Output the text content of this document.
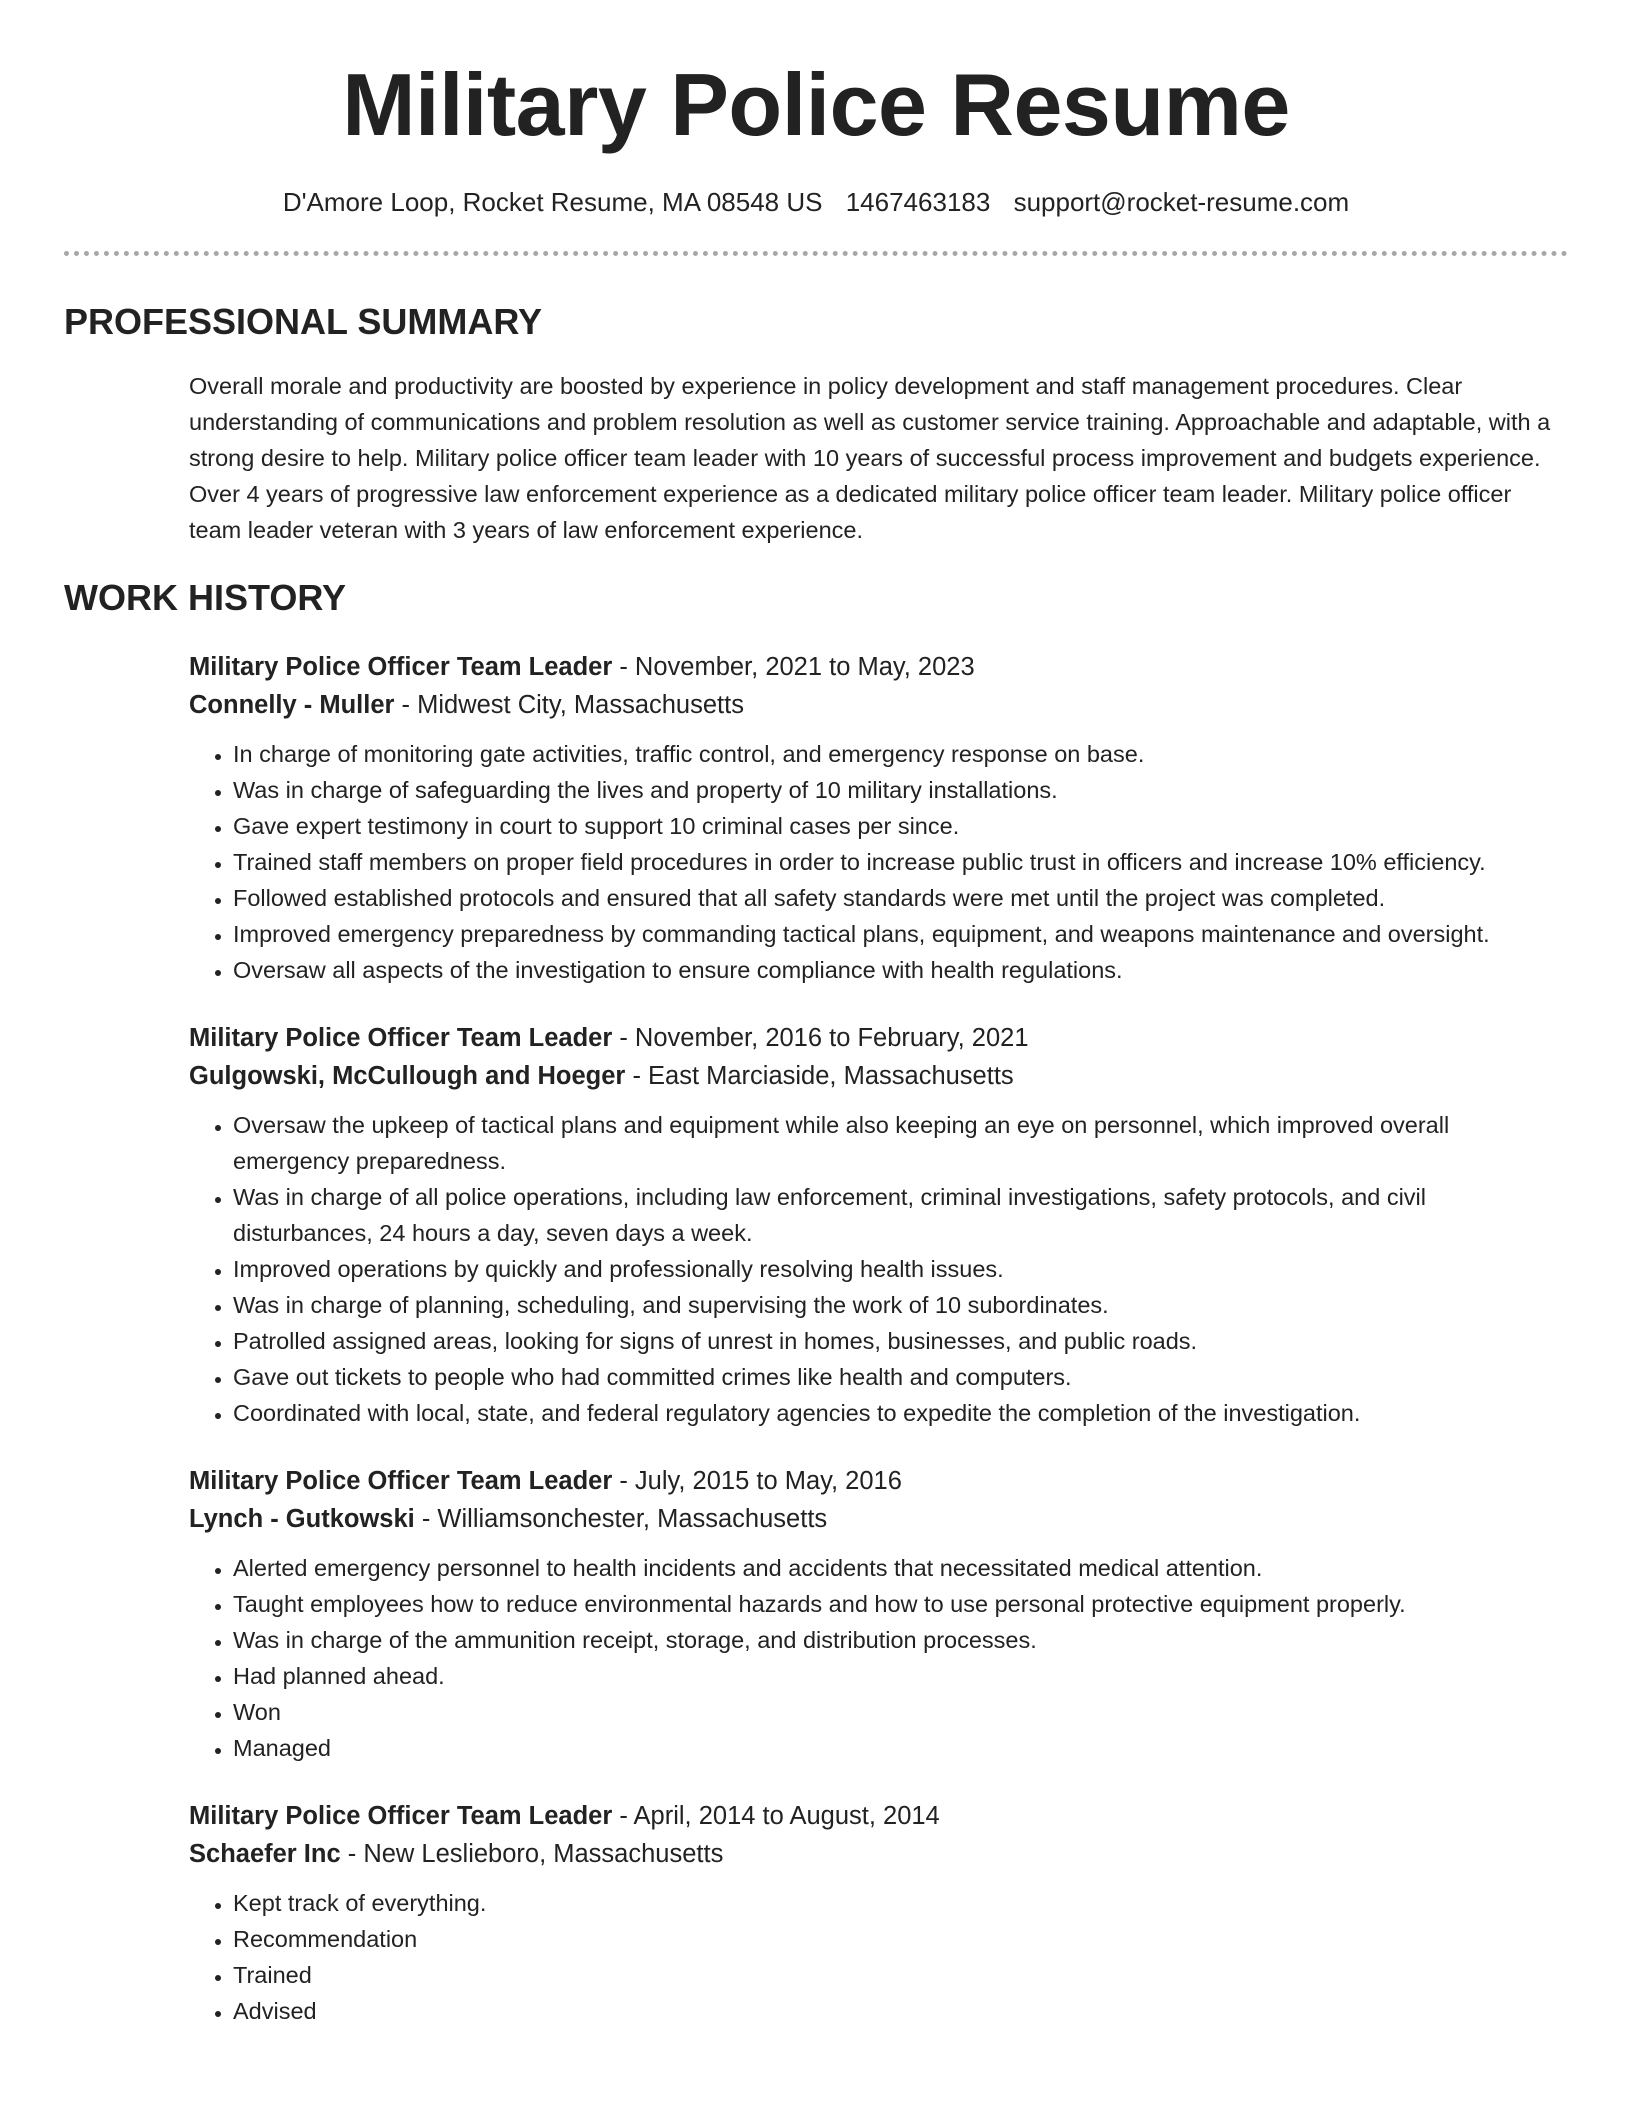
Military Police Resume
D'Amore Loop, Rocket Resume, MA 08548 US 1467463183 support@rocket-resume.com
PROFESSIONAL SUMMARY

Overall morale and productivity are boosted by experience in policy development and staff management procedures. Clear understanding of communications and problem resolution as well as customer service training. Approachable and adaptable, with a strong desire to help. Military police officer team leader with 10 years of successful process improvement and budgets experience. Over 4 years of progressive law enforcement experience as a dedicated military police officer team leader. Military police officer team leader veteran with 3 years of law enforcement experience.

WORK HISTORY
Military Police Officer Team Leader - November, 2021 to May, 2023
Connelly - Muller - Midwest City, Massachusetts
• In charge of monitoring gate activities, traffic control, and emergency response on base.
• Was in charge of safeguarding the lives and property of 10 military installations.
• Gave expert testimony in court to support 10 criminal cases per since.
• Trained staff members on proper field procedures in order to increase public trust in officers and increase 10% efficiency.
• Followed established protocols and ensured that all safety standards were met until the project was completed.
• Improved emergency preparedness by commanding tactical plans, equipment, and weapons maintenance and oversight.
• Oversaw all aspects of the investigation to ensure compliance with health regulations.
Military Police Officer Team Leader - November, 2016 to February, 2021
Gulgowski, McCullough and Hoeger - East Marciaside, Massachusetts
• Oversaw the upkeep of tactical plans and equipment while also keeping an eye on personnel, which improved overall emergency preparedness.
• Was in charge of all police operations, including law enforcement, criminal investigations, safety protocols, and civil disturbances, 24 hours a day, seven days a week.
• Improved operations by quickly and professionally resolving health issues.
• Was in charge of planning, scheduling, and supervising the work of 10 subordinates.
• Patrolled assigned areas, looking for signs of unrest in homes, businesses, and public roads.
• Gave out tickets to people who had committed crimes like health and computers.
• Coordinated with local, state, and federal regulatory agencies to expedite the completion of the investigation.
Military Police Officer Team Leader - July, 2015 to May, 2016
Lynch - Gutkowski - Williamsonchester, Massachusetts
• Alerted emergency personnel to health incidents and accidents that necessitated medical attention.
• Taught employees how to reduce environmental hazards and how to use personal protective equipment properly.
• Was in charge of the ammunition receipt, storage, and distribution processes.
• Had planned ahead.
• Won
• Managed
Military Police Officer Team Leader - April, 2014 to August, 2014
Schaefer Inc - New Leslieboro, Massachusetts
• Kept track of everything.
• Recommendation
• Trained
• Advised
